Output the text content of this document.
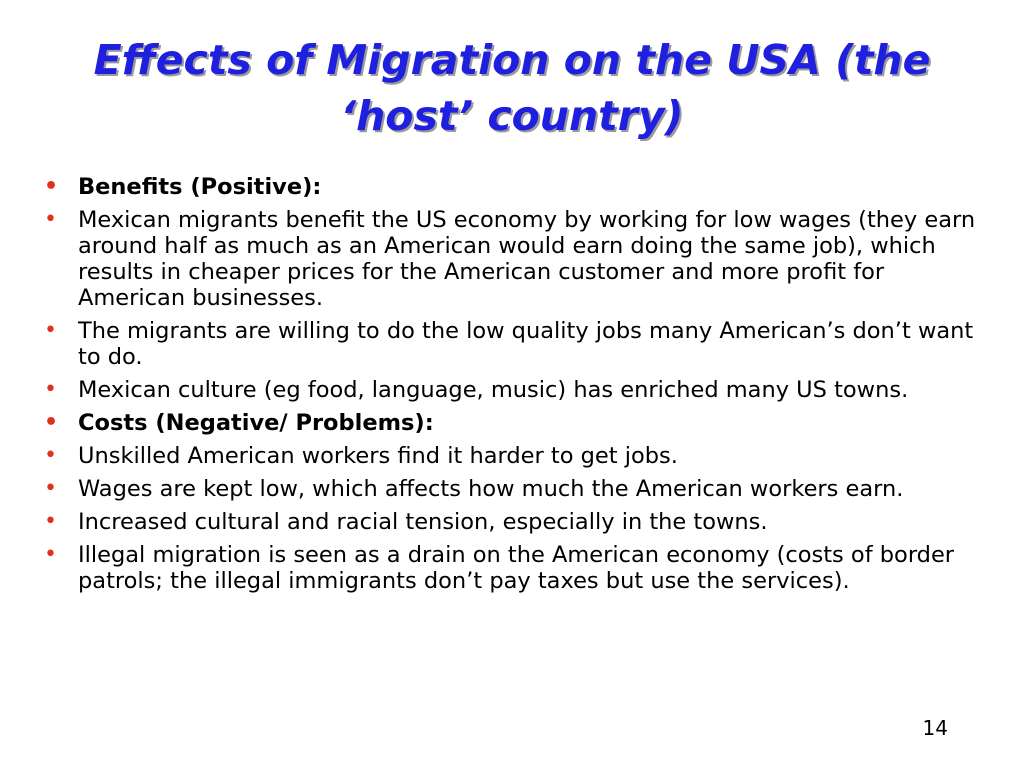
Effects of Migration on the USA (the
‘host’ country)
• Benefits (Positive):
• Mexican migrants benefit the US economy by working for low wages (they earn around half as much as an American would earn doing the same job), which results in cheaper prices for the American customer and more profit for American businesses.
• The migrants are willing to do the low quality jobs many American’s don’t want to do.
• Mexican culture (eg food, language, music) has enriched many US towns.
• Costs (Negative/ Problems):
• Unskilled American workers find it harder to get jobs.
• Wages are kept low, which affects how much the American workers earn.
• Increased cultural and racial tension, especially in the towns.
• Illegal migration is seen as a drain on the American economy (costs of border patrols; the illegal immigrants don’t pay taxes but use the services).
14
